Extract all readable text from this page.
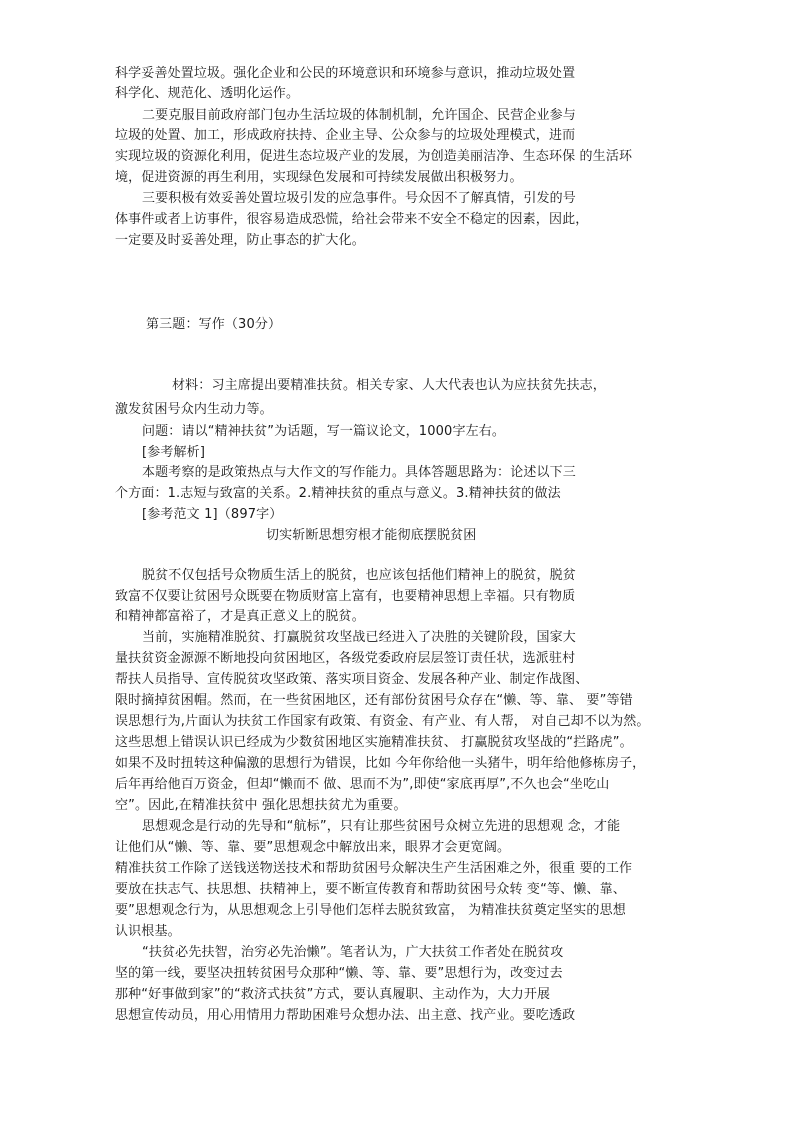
科学妥善处置垃圾。强化企业和公民的环境意识和环境参与意识，推动垃圾处置
科学化、规范化、透明化运作。
二要克服目前政府部门包办生活垃圾的体制机制，允许国企、民营企业参与
垃圾的处置、加工，形成政府扶持、企业主导、公众参与的垃圾处理模式，进而
实现垃圾的资源化利用，促进生态垃圾产业的发展，为创造美丽洁净、生态环保 的生活环
境，促进资源的再生利用，实现绿色发展和可持续发展做出积极努力。
三要积极有效妥善处置垃圾引发的应急事件。号众因不了解真情，引发的号
体事件或者上访事件，很容易造成恐慌，给社会带来不安全不稳定的因素，因此，
一定要及时妥善处理，防止事态的扩大化。
第三题：写作（30分）
材料：习主席提出要精准扶贫。相关专家、人大代表也认为应扶贫先扶志，
激发贫困号众内生动力等。
问题：请以“精神扶贫”为话题，写一篇议论文，1000字左右。
[参考解析]
本题考察的是政策热点与大作文的写作能力。具体答题思路为：论述以下三
个方面：1.志短与致富的关系。2.精神扶贫的重点与意义。3.精神扶贫的做法
[参考范文 1]（897字）
切实斩断思想穷根才能彻底摆脱贫困
脱贫不仅包括号众物质生活上的脱贫，也应该包括他们精神上的脱贫，脱贫
致富不仅要让贫困号众既要在物质财富上富有，也要精神思想上幸福。只有物质
和精神都富裕了，才是真正意义上的脱贫。
当前，实施精准脱贫、打赢脱贫攻坚战已经进入了决胜的关键阶段，国家大
量扶贫资金源源不断地投向贫困地区，各级党委政府层层签订责任状，选派驻村
帮扶人员指导、宣传脱贫攻坚政策、落实项目资金、发展各种产业、制定作战图、
限时摘掉贫困帽。然而，在一些贫困地区，还有部份贫困号众存在“懒、等、靠、 要”等错
误思想行为,片面认为扶贫工作国家有政策、有资金、有产业、有人帮， 对自己却不以为然。
这些思想上错误认识已经成为少数贫困地区实施精准扶贫、 打赢脱贫攻坚战的“拦路虎”。
如果不及时扭转这种偏激的思想行为错误，比如 今年你给他一头猪牛，明年给他修栋房子，
后年再给他百万资金，但却“懒而不 做、思而不为”,即使“家底再厚”,不久也会“坐吃山
空”。因此,在精准扶贫中 强化思想扶贫尤为重要。
思想观念是行动的先导和“航标”，只有让那些贫困号众树立先进的思想观 念，才能
让他们从“懒、等、靠、要”思想观念中解放出来，眼界才会更宽阔。
精准扶贫工作除了送钱送物送技术和帮助贫困号众解决生产生活困难之外，很重 要的工作
要放在扶志气、扶思想、扶精神上，要不断宣传教育和帮助贫困号众转 变“等、懒、靠、
要”思想观念行为，从思想观念上引导他们怎样去脱贫致富， 为精准扶贫奠定坚实的思想
认识根基。
“扶贫必先扶智，治穷必先治懒”。笔者认为，广大扶贫工作者处在脱贫攻
坚的第一线，要坚决扭转贫困号众那种“懒、等、靠、要”思想行为，改变过去
那种“好事做到家”的“救济式扶贫”方式，要认真履职、主动作为，大力开展
思想宣传动员，用心用情用力帮助困难号众想办法、出主意、找产业。要吃透政
